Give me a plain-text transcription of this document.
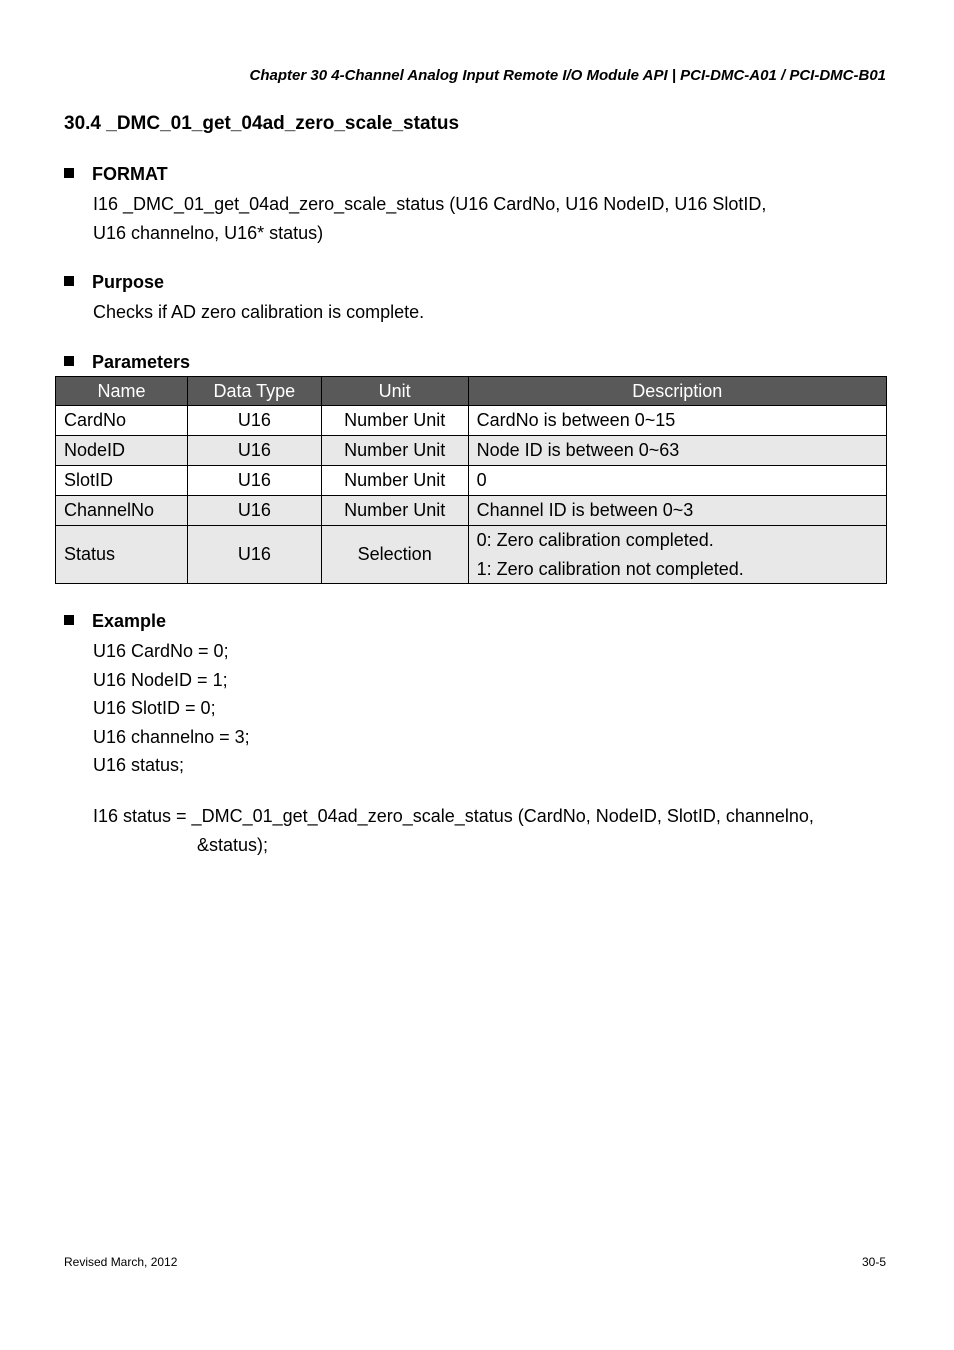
Chapter 30 4-Channel Analog Input Remote I/O Module API | PCI-DMC-A01 / PCI-DMC-B01
30.4 _DMC_01_get_04ad_zero_scale_status
FORMAT
I16 _DMC_01_get_04ad_zero_scale_status (U16 CardNo, U16 NodeID, U16 SlotID,
U16 channelno, U16* status)
Purpose
Checks if AD zero calibration is complete.
Parameters
Name	Data Type	Unit	Description
CardNo	U16	Number Unit	CardNo is between 0~15
NodeID	U16	Number Unit	Node ID is between 0~63
SlotID	U16	Number Unit	0
ChannelNo	U16	Number Unit	Channel ID is between 0~3
Status	U16	Selection	0: Zero calibration completed.
1: Zero calibration not completed.
Example
U16 CardNo = 0;
U16 NodeID = 1;
U16 SlotID = 0;
U16 channelno = 3;
U16 status;
I16 status = _DMC_01_get_04ad_zero_scale_status (CardNo, NodeID, SlotID, channelno,
&status);
Revised March, 2012	30-5
